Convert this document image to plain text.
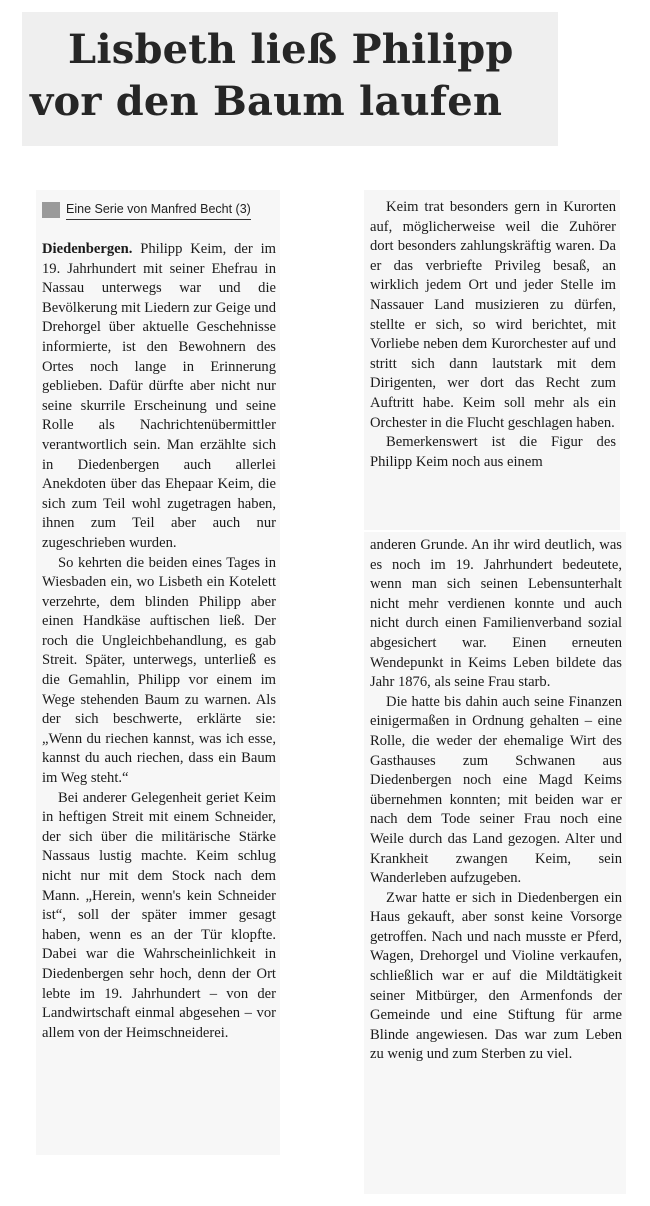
Lisbeth ließ Philipp
vor den Baum laufen
Eine Serie von Manfred Becht (3)

Diedenbergen. Philipp Keim, der im 19. Jahrhundert mit seiner Ehefrau in Nassau unterwegs war und die Bevölkerung mit Liedern zur Geige und Drehorgel über aktuelle Geschehnisse informierte, ist den Bewohnern des Ortes noch lange in Erinnerung geblieben. Dafür dürfte aber nicht nur seine skurrile Erscheinung und seine Rolle als Nachrichtenübermittler verantwortlich sein. Man erzählte sich in Diedenbergen auch allerlei Anekdoten über das Ehepaar Keim, die sich zum Teil wohl zugetragen haben, ihnen zum Teil aber auch nur zugeschrieben wurden.

So kehrten die beiden eines Tages in Wiesbaden ein, wo Lisbeth ein Kotelett verzehrte, dem blinden Philipp aber einen Handkäse auftischen ließ. Der roch die Ungleichbehandlung, es gab Streit. Später, unterwegs, unterließ es die Gemahlin, Philipp vor einem im Wege stehenden Baum zu warnen. Als der sich beschwerte, erklärte sie: „Wenn du riechen kannst, was ich esse, kannst du auch riechen, dass ein Baum im Weg steht.“

Bei anderer Gelegenheit geriet Keim in heftigen Streit mit einem Schneider, der sich über die militärische Stärke Nassaus lustig machte. Keim schlug nicht nur mit dem Stock nach dem Mann. „Herein, wenn's kein Schneider ist“, soll der später immer gesagt haben, wenn es an der Tür klopfte. Dabei war die Wahrscheinlichkeit in Diedenbergen sehr hoch, denn der Ort lebte im 19. Jahrhundert – von der Landwirtschaft einmal abgesehen – vor allem von der Heimschneiderei.

Keim trat besonders gern in Kurorten auf, möglicherweise weil die Zuhörer dort besonders zahlungskräftig waren. Da er das verbriefte Privileg besaß, an wirklich jedem Ort und jeder Stelle im Nassauer Land musizieren zu dürfen, stellte er sich, so wird berichtet, mit Vorliebe neben dem Kurorchester auf und stritt sich dann lautstark mit dem Dirigenten, wer dort das Recht zum Auftritt habe. Keim soll mehr als ein Orchester in die Flucht geschlagen haben.

Bemerkenswert ist die Figur des Philipp Keim noch aus einem

anderen Grunde. An ihr wird deutlich, was es noch im 19. Jahrhundert bedeutete, wenn man sich seinen Lebensunterhalt nicht mehr verdienen konnte und auch nicht durch einen Familienverband sozial abgesichert war. Einen erneuten Wendepunkt in Keims Leben bildete das Jahr 1876, als seine Frau starb.

Die hatte bis dahin auch seine Finanzen einigermaßen in Ordnung gehalten – eine Rolle, die weder der ehemalige Wirt des Gasthauses zum Schwanen aus Diedenbergen noch eine Magd Keims übernehmen konnten; mit beiden war er nach dem Tode seiner Frau noch eine Weile durch das Land gezogen. Alter und Krankheit zwangen Keim, sein Wanderleben aufzugeben.

Zwar hatte er sich in Diedenbergen ein Haus gekauft, aber sonst keine Vorsorge getroffen. Nach und nach musste er Pferd, Wagen, Drehorgel und Violine verkaufen, schließlich war er auf die Mildtätigkeit seiner Mitbürger, den Armenfonds der Gemeinde und eine Stiftung für arme Blinde angewiesen. Das war zum Leben zu wenig und zum Sterben zu viel.
